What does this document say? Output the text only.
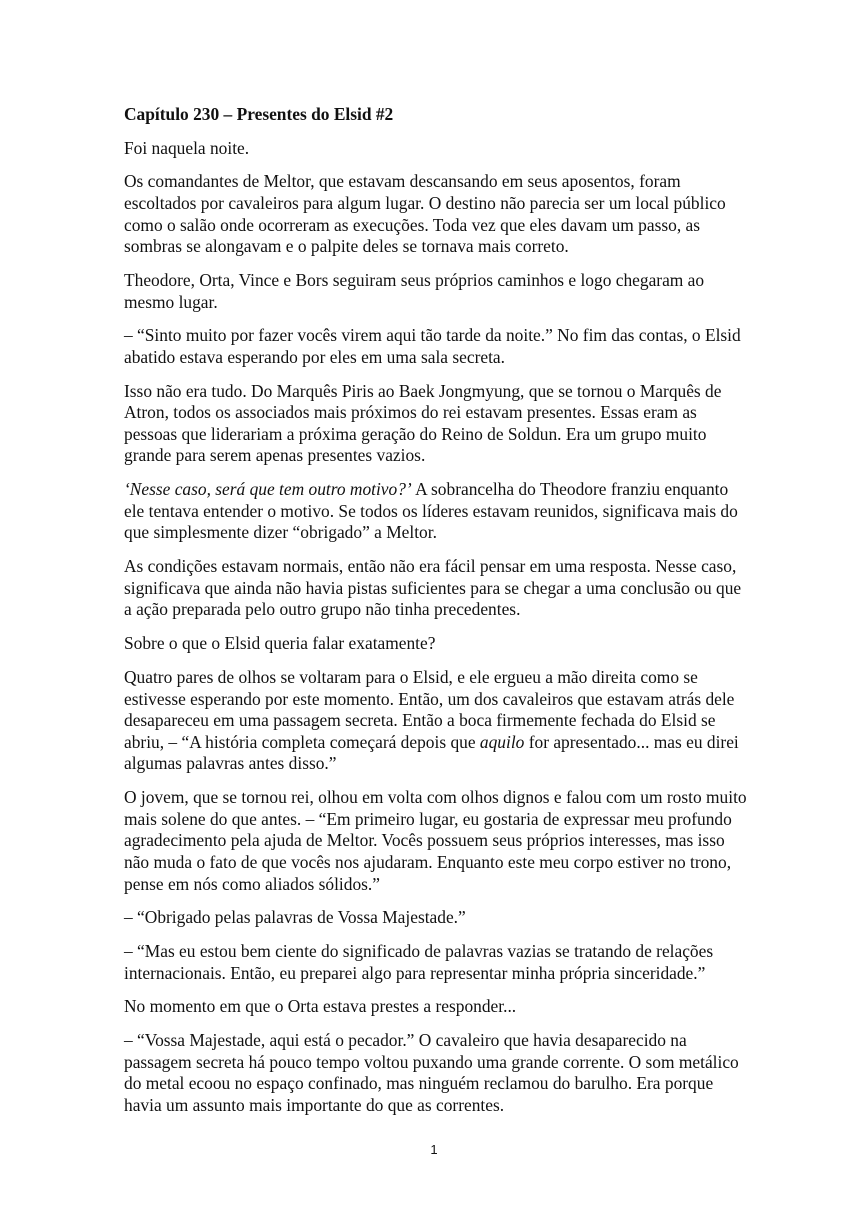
Capítulo 230 – Presentes do Elsid #2

Foi naquela noite.

Os comandantes de Meltor, que estavam descansando em seus aposentos, foram escoltados por cavaleiros para algum lugar. O destino não parecia ser um local público como o salão onde ocorreram as execuções. Toda vez que eles davam um passo, as sombras se alongavam e o palpite deles se tornava mais correto.

Theodore, Orta, Vince e Bors seguiram seus próprios caminhos e logo chegaram ao mesmo lugar.

– “Sinto muito por fazer vocês virem aqui tão tarde da noite.” No fim das contas, o Elsid abatido estava esperando por eles em uma sala secreta.

Isso não era tudo. Do Marquês Piris ao Baek Jongmyung, que se tornou o Marquês de Atron, todos os associados mais próximos do rei estavam presentes. Essas eram as pessoas que liderariam a próxima geração do Reino de Soldun. Era um grupo muito grande para serem apenas presentes vazios.

‘Nesse caso, será que tem outro motivo?’ A sobrancelha do Theodore franziu enquanto ele tentava entender o motivo. Se todos os líderes estavam reunidos, significava mais do que simplesmente dizer “obrigado” a Meltor.

As condições estavam normais, então não era fácil pensar em uma resposta. Nesse caso, significava que ainda não havia pistas suficientes para se chegar a uma conclusão ou que a ação preparada pelo outro grupo não tinha precedentes.

Sobre o que o Elsid queria falar exatamente?

Quatro pares de olhos se voltaram para o Elsid, e ele ergueu a mão direita como se estivesse esperando por este momento. Então, um dos cavaleiros que estavam atrás dele desapareceu em uma passagem secreta. Então a boca firmemente fechada do Elsid se abriu, – “A história completa começará depois que aquilo for apresentado... mas eu direi algumas palavras antes disso.”

O jovem, que se tornou rei, olhou em volta com olhos dignos e falou com um rosto muito mais solene do que antes. – “Em primeiro lugar, eu gostaria de expressar meu profundo agradecimento pela ajuda de Meltor. Vocês possuem seus próprios interesses, mas isso não muda o fato de que vocês nos ajudaram. Enquanto este meu corpo estiver no trono, pense em nós como aliados sólidos.”

– “Obrigado pelas palavras de Vossa Majestade.”

– “Mas eu estou bem ciente do significado de palavras vazias se tratando de relações internacionais. Então, eu preparei algo para representar minha própria sinceridade.”

No momento em que o Orta estava prestes a responder...

– “Vossa Majestade, aqui está o pecador.” O cavaleiro que havia desaparecido na passagem secreta há pouco tempo voltou puxando uma grande corrente. O som metálico do metal ecoou no espaço confinado, mas ninguém reclamou do barulho. Era porque havia um assunto mais importante do que as correntes.

1
